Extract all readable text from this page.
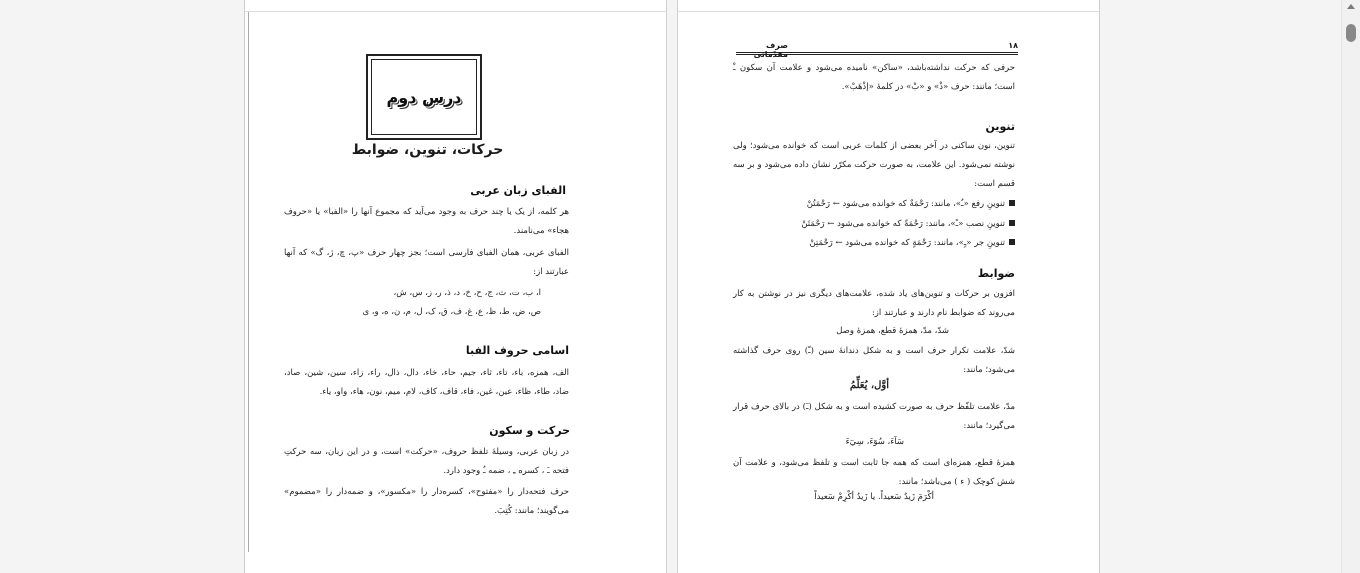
درس دوم
حرکات، تنوین، ضوابط
الفبای زبان عربی
هر کلمه، از یک یا چند حرف به وجود می‌آید که مجموع آنها را «الفبا» یا «حروف هجاء» می‌نامند.
الفبای عربی، همان الفبای فارسی است؛ بجز چهار حرف «پ، چ، ژ، گ» که آنها عبارتند از:
ا، ب، ت، ث، ج، ح، خ، د، ذ، ر، ز، س، ش،
ص، ض، ط، ظ، ع، غ، ف، ق، ک، ل، م، ن، ه، و، ی
اسامی حروف الفبا
الف، همزه، باء، تاء، ثاء، جیم، حاء، خاء، دال، ذال، راء، زاء، سین، شین، صاد، ضاد، طاء، ظاء، عین، غین، فاء، قاف، کاف، لام، میم، نون، هاء، واو، یاء.
حرکت و سکون
در زبان عربی، وسیلهٔ تلفظ حروف، «حرکت» است، و در این زبان، سه حرکتِ فتحه ـَ ، کسره ـِ ، ضمه ـُ وجود دارد.
حرف فتحه‌دار را «مفتوح»، کسره‌دار را «مکسور»، و ضمه‌دار را «مضموم» می‌گویند؛ مانند: کُتِبَ.
۱۸
صرف مقدّماتی
حرفی که حرکت نداشته‌باشد، «ساکن» نامیده می‌شود و علامت آن سکون ـْ است؛ مانند: حرف «ذْ» و «بْ» در کلمهٔ «إذْهَبْ».
تنوین
تنوین، نون ساکنی در آخر بعضی از کلمات عربی است که خوانده می‌شود؛ ولی نوشته نمی‌شود. این علامت، به صورت حرکت مکرّر نشان داده می‌شود و بر سه قسم است:
تنوینِ رفع «ـٌ»، مانند: رَحْمَةٌ که خوانده می‌شود ← رَحْمَتُنْ
تنوینِ نصب «ـً»، مانند: رَحْمَةً که خوانده می‌شود ← رَحْمَتَنْ
تنوینِ جر «ـٍ»، مانند: رَحْمَةٍ که خوانده می‌شود ← رَحْمَتِنْ
ضوابط
افزون بر حرکات و تنوین‌های یاد شده، علامت‌های دیگری نیز در نوشتن به کار می‌روند که ضوابط نام دارند و عبارتند از:
شدّ، مدّ، همزهٔ قطع، همزهٔ وصل
شدّ، علامت تکرار حرف است و به شکل دندانهٔ سین (ـّ) روی حرف گذاشته می‌شود؛ مانند:
أوَّل، يُعَلِّمُ
مدّ، علامت تلفّظ حرف به صورت کشیده است و به شکل (ـٓ) در بالای حرف قرار می‌گیرد؛ مانند:
سَآءَ، سُوٓءَ، سِيٓءَ
همزهٔ قطع، همزه‌ای است که همه جا ثابت است و تلفظ می‌شود، و علامت آن شش کوچک ( ء ) می‌باشد؛ مانند:
أكْرَمَ زَيدٌ سَعيداً. يا زَيدُ أكْرِمْ سَعيداً
